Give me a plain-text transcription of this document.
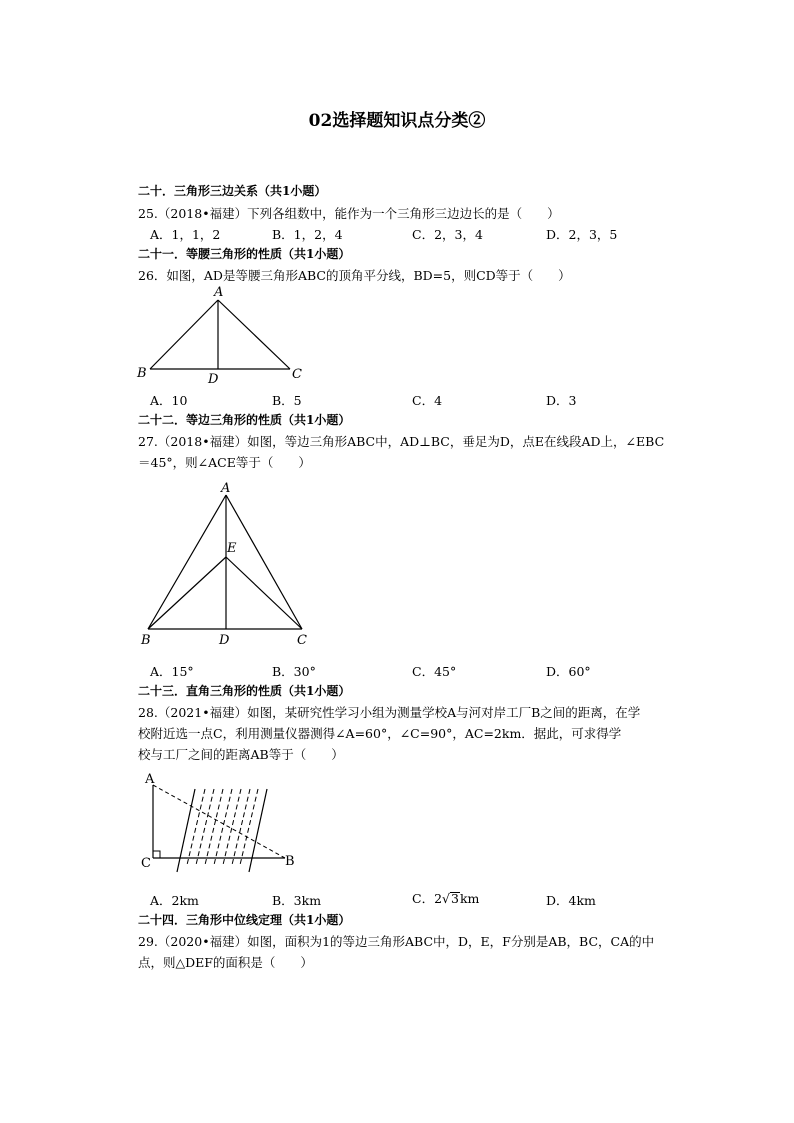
02选择题知识点分类②
二十．三角形三边关系（共1小题）
25.（2018•福建）下列各组数中，能作为一个三角形三边边长的是（　　）
A．1，1，2	B．1，2，4	C．2，3，4	D．2，3，5
二十一．等腰三角形的性质（共1小题）
26．如图，AD是等腰三角形ABC的顶角平分线，BD=5，则CD等于（　　）
A
B	C
D
A．10	B．5	C．4	D．3
二十二．等边三角形的性质（共1小题）
27.（2018•福建）如图，等边三角形ABC中，AD⊥BC，垂足为D，点E在线段AD上，∠EBC
＝45°，则∠ACE等于（　　）
A
E
B	D	C
A．15°	B．30°	C．45°	D．60°
二十三．直角三角形的性质（共1小题）
28.（2021•福建）如图，某研究性学习小组为测量学校A与河对岸工厂B之间的距离，在学
校附近选一点C，利用测量仪器测得∠A=60°，∠C=90°，AC=2km．据此，可求得学
校与工厂之间的距离AB等于（　　）
A
C	B
A．2km	B．3km	C．2√3km	D．4km
二十四．三角形中位线定理（共1小题）
29.（2020•福建）如图，面积为1的等边三角形ABC中，D，E，F分别是AB，BC，CA的中
点，则△DEF的面积是（　　）
